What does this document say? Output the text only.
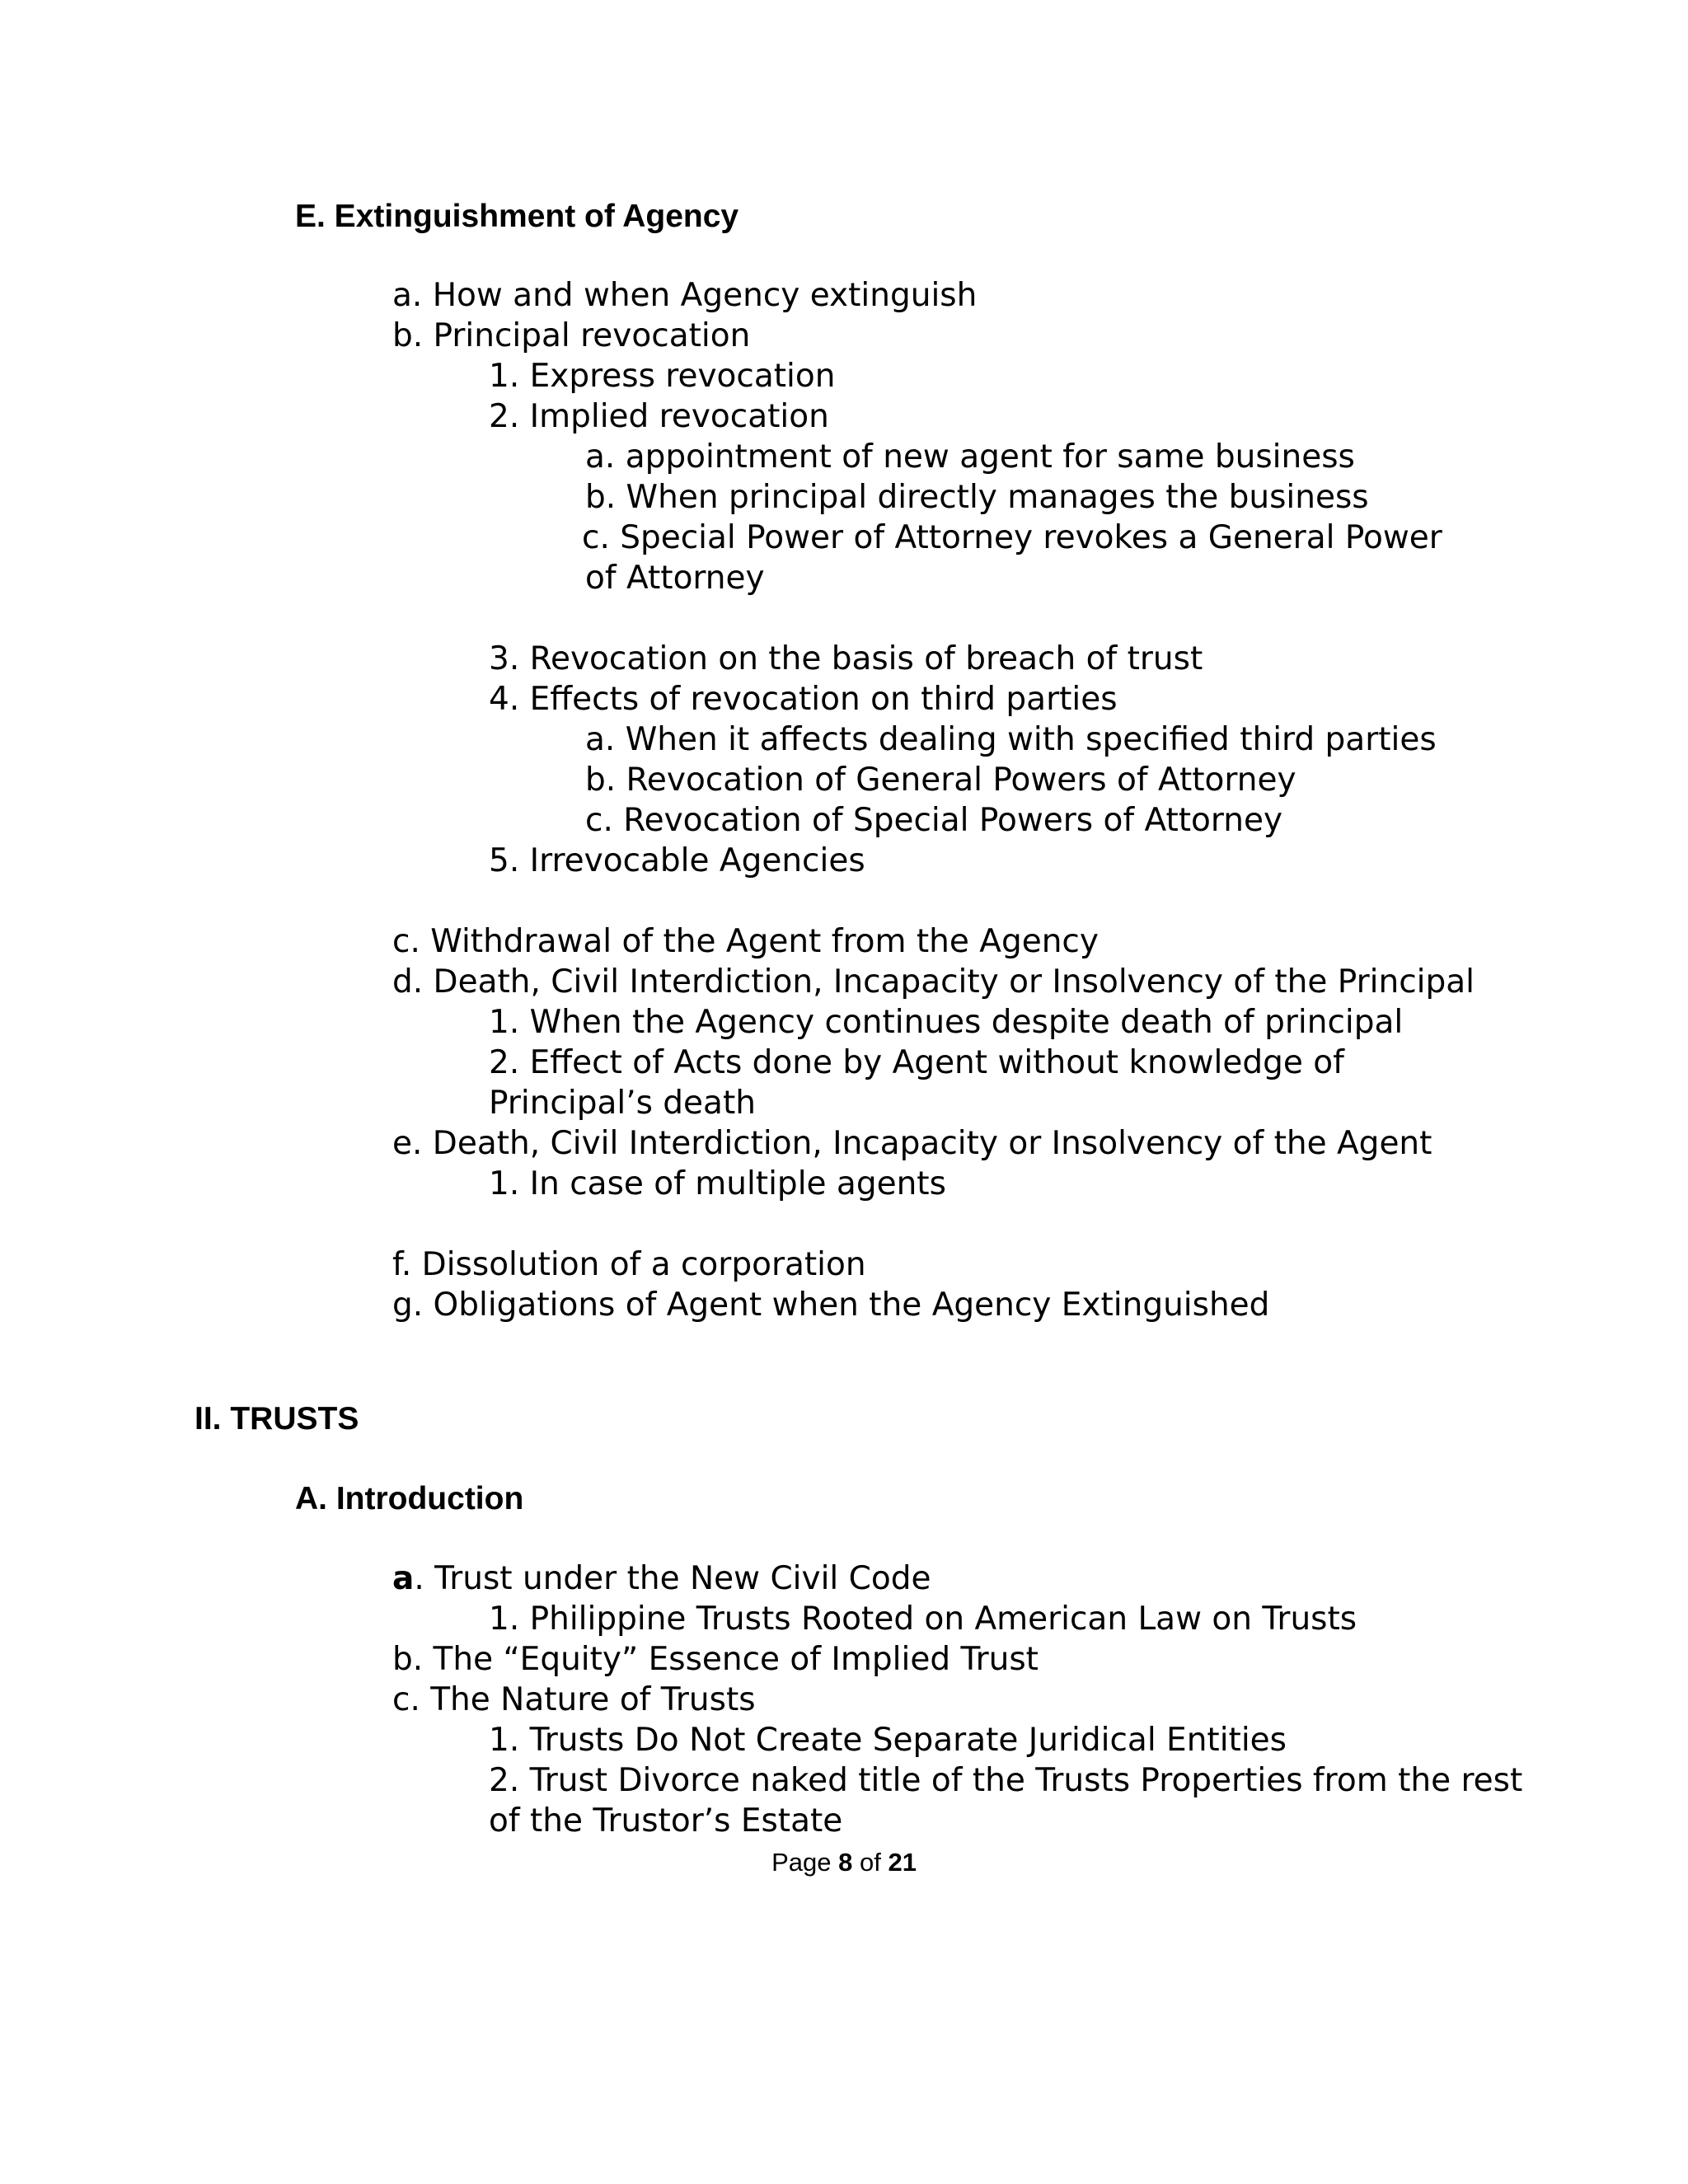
E. Extinguishment of Agency
a. How and when Agency extinguish
b. Principal revocation
1. Express revocation
2. Implied revocation
a. appointment of new agent for same business
b. When principal directly manages the business
c. Special Power of Attorney revokes a General Power
of Attorney
3. Revocation on the basis of breach of trust
4. Effects of revocation on third parties
a. When it affects dealing with specified third parties
b. Revocation of General Powers of Attorney
c. Revocation of Special Powers of Attorney
5. Irrevocable Agencies
c. Withdrawal of the Agent from the Agency
d. Death, Civil Interdiction, Incapacity or Insolvency of the Principal
1. When the Agency continues despite death of principal
2. Effect of Acts done by Agent without knowledge of
Principal’s death
e. Death, Civil Interdiction, Incapacity or Insolvency of the Agent
1. In case of multiple agents
f. Dissolution of a corporation
g. Obligations of Agent when the Agency Extinguished
II. TRUSTS
A. Introduction
a. Trust under the New Civil Code
1. Philippine Trusts Rooted on American Law on Trusts
b. The “Equity” Essence of Implied Trust
c. The Nature of Trusts
1. Trusts Do Not Create Separate Juridical Entities
2. Trust Divorce naked title of the Trusts Properties from the rest
of the Trustor’s Estate
Page 8 of 21
